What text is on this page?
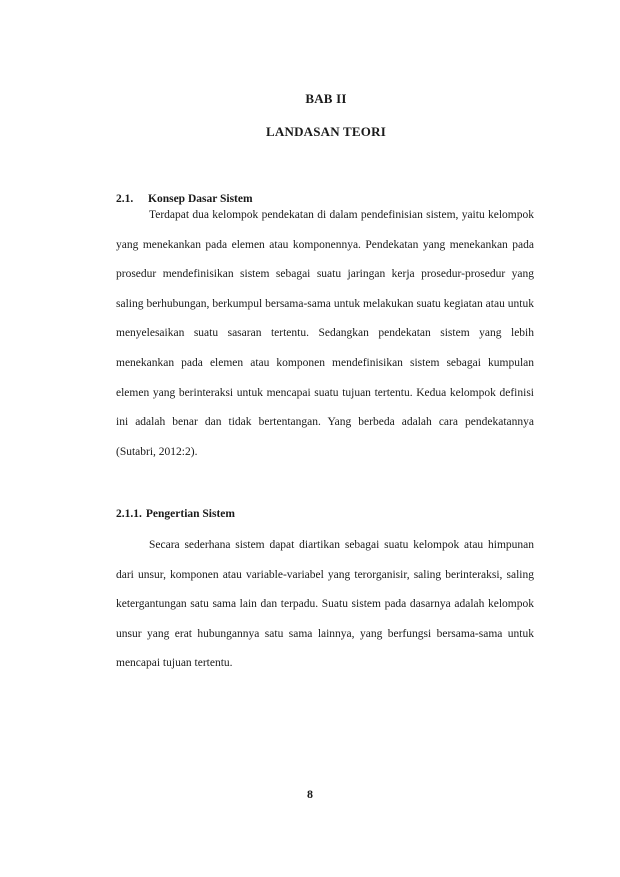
BAB II
LANDASAN TEORI

Terdapat dua kelompok pendekatan di dalam pendefinisian sistem, yaitu kelompok yang menekankan pada elemen atau komponennya. Pendekatan yang menekankan pada prosedur mendefinisikan sistem sebagai suatu jaringan kerja prosedur-prosedur yang saling berhubungan, berkumpul bersama-sama untuk melakukan suatu kegiatan atau untuk menyelesaikan suatu sasaran tertentu. Sedangkan pendekatan sistem yang lebih menekankan pada elemen atau komponen mendefinisikan sistem sebagai kumpulan elemen yang berinteraksi untuk mencapai suatu tujuan tertentu. Kedua kelompok definisi ini adalah benar dan tidak bertentangan. Yang berbeda adalah cara pendekatannya (Sutabri, 2012:2).

2.1. Konsep Dasar Sistem
2.1.1. Pengertian Sistem

Secara sederhana sistem dapat diartikan sebagai suatu kelompok atau himpunan dari unsur, komponen atau variable-variabel yang terorganisir, saling berinteraksi, saling ketergantungan satu sama lain dan terpadu. Suatu sistem pada dasarnya adalah kelompok unsur yang erat hubungannya satu sama lainnya, yang berfungsi bersama-sama untuk mencapai tujuan tertentu.

8
